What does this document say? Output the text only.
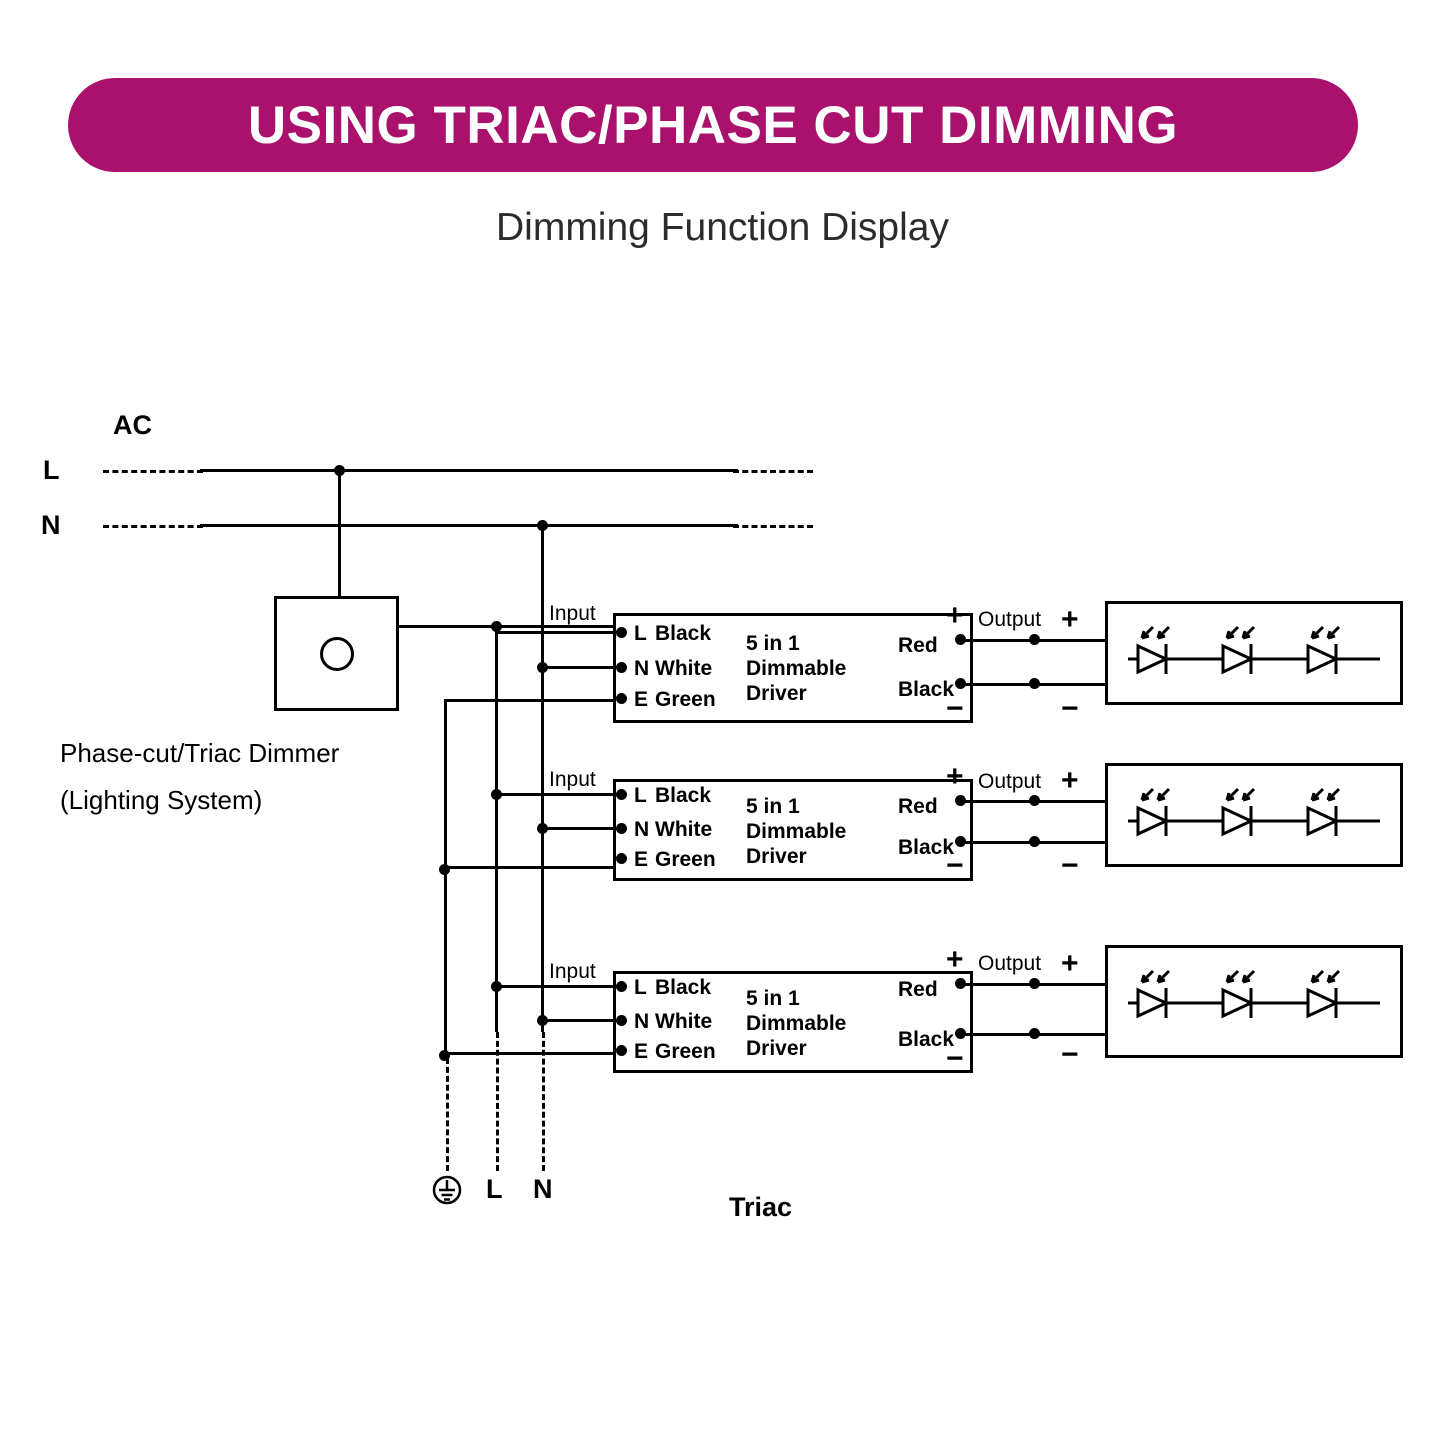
USING TRIAC/PHASE CUT DIMMING
Dimming Function Display
AC
L
N
Phase-cut/Triac Dimmer
(Lighting System)
L N
Triac
Input
5 in 1
Dimmable
Driver
L Black
N White
E Green
Red
Black
+
−
Output +
−
Input
5 in 1
Dimmable
Driver
L Black
N White
E Green
Red
Black
+
−
Output +
−
Input
5 in 1
Dimmable
Driver
L Black
N White
E Green
Red
Black
+
−
Output +
−
